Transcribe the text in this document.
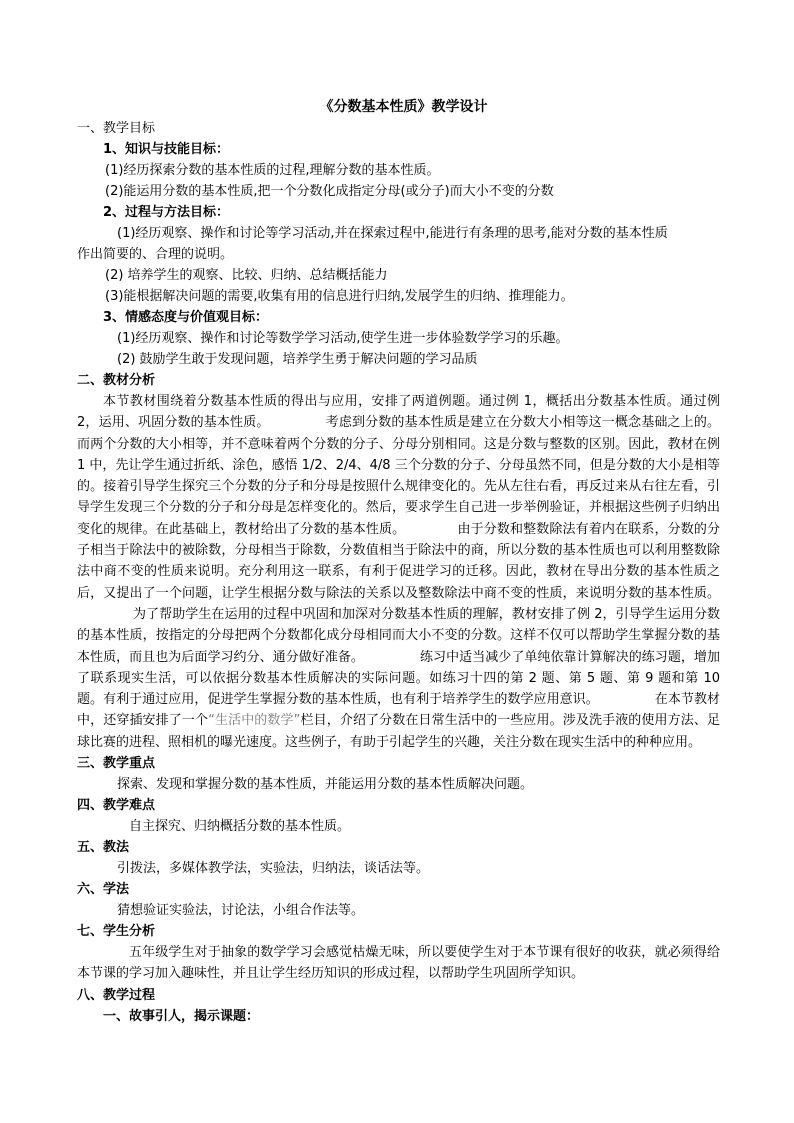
《分数基本性质》教学设计
一、教学目标
1、知识与技能目标：
(1)经历探索分数的基本性质的过程,理解分数的基本性质。
(2)能运用分数的基本性质,把一个分数化成指定分母(或分子)而大小不变的分数
2、过程与方法目标：
(1)经历观察、操作和讨论等学习活动,并在探索过程中,能进行有条理的思考,能对分数的基本性质
作出简要的、合理的说明。
(2) 培养学生的观察、比较、归纳、总结概括能力
(3)能根据解决问题的需要,收集有用的信息进行归纳,发展学生的归纳、推理能力。
3、情感态度与价值观目标：
(1)经历观察、操作和讨论等数学学习活动,使学生进一步体验数学学习的乐趣。
(2) 鼓励学生敢于发现问题，培养学生勇于解决问题的学习品质
二、教材分析
本节教材围绕着分数基本性质的得出与应用，安排了两道例题。通过例 1，概括出分数基本性质。通过例 2，运用、巩固分数的基本性质。	考虑到分数的基本性质是建立在分数大小相等这一概念基础之上的。而两个分数的大小相等，并不意味着两个分数的分子、分母分别相同。这是分数与整数的区别。因此，教材在例 1 中，先让学生通过折纸、涂色，感悟 1/2、2/4、4/8 三个分数的分子、分母虽然不同，但是分数的大小是相等的。接着引导学生探究三个分数的分子和分母是按照什么规律变化的。先从左往右看，再反过来从右往左看，引导学生发现三个分数的分子和分母是怎样变化的。然后，要求学生自己进一步举例验证，并根据这些例子归纳出变化的规律。在此基础上，教材给出了分数的基本性质。	由于分数和整数除法有着内在联系，分数的分子相当于除法中的被除数，分母相当于除数，分数值相当于除法中的商，所以分数的基本性质也可以利用整数除法中商不变的性质来说明。充分利用这一联系，有利于促进学习的迁移。因此，教材在导出分数的基本性质之后，又提出了一个问题，让学生根据分数与除法的关系以及整数除法中商不变的性质，来说明分数的基本性质。为了帮助学生在运用的过程中巩固和加深对分数基本性质的理解，教材安排了例 2，引导学生运用分数的基本性质，按指定的分母把两个分数都化成分母相同而大小不变的分数。这样不仅可以帮助学生掌握分数的基本性质，而且也为后面学习约分、通分做好准备。	练习中适当减少了单纯依靠计算解决的练习题，增加了联系现实生活，可以依据分数基本性质解决的实际问题。如练习十四的第 2 题、第 5 题、第 9 题和第 10 题。有利于通过应用，促进学生掌握分数的基本性质，也有利于培养学生的数学应用意识。	在本节教材中，还穿插安排了一个“生活中的数学”栏目，介绍了分数在日常生活中的一些应用。涉及洗手液的使用方法、足球比赛的进程、照相机的曝光速度。这些例子，有助于引起学生的兴趣，关注分数在现实生活中的种种应用。
三、教学重点
探索、发现和掌握分数的基本性质，并能运用分数的基本性质解决问题。
四、教学难点
自主探究、归纳概括分数的基本性质。
五、教法
引拨法，多媒体教学法，实验法，归纳法，谈话法等。
六、学法
猜想验证实验法，讨论法，小组合作法等。
七、学生分析
五年级学生对于抽象的数学学习会感觉枯燥无味，所以要使学生对于本节课有很好的收获，就必须得给本节课的学习加入趣味性，并且让学生经历知识的形成过程，以帮助学生巩固所学知识。
八、教学过程
一、故事引人，揭示课题：
